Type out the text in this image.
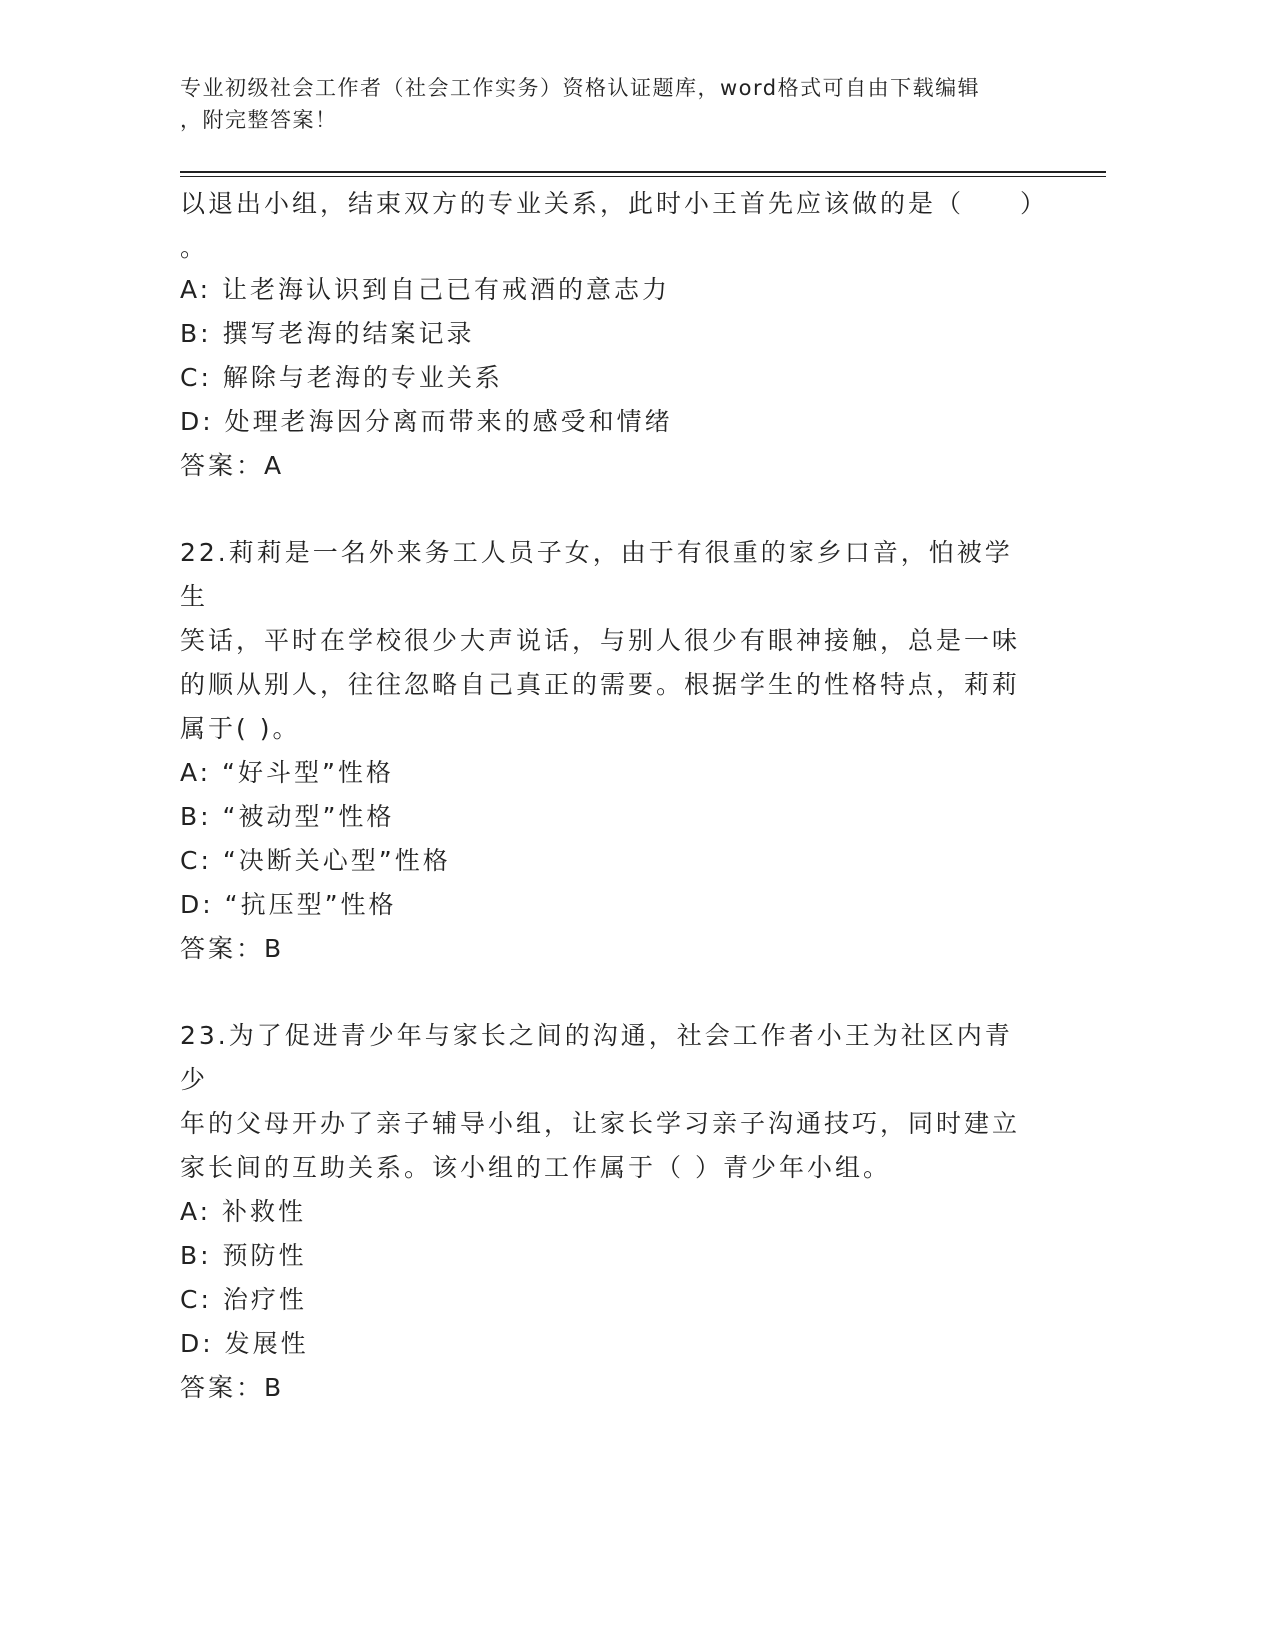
专业初级社会工作者（社会工作实务）资格认证题库，word格式可自由下载编辑
，附完整答案！
以退出小组，结束双方的专业关系，此时小王首先应该做的是（　　）
。
A: 让老海认识到自己已有戒酒的意志力
B: 撰写老海的结案记录
C: 解除与老海的专业关系
D: 处理老海因分离而带来的感受和情绪
答案：A
22.莉莉是一名外来务工人员子女，由于有很重的家乡口音，怕被学生
笑话，平时在学校很少大声说话，与别人很少有眼神接触，总是一味
的顺从别人，往往忽略自己真正的需要。根据学生的性格特点，莉莉
属于( )。
A: “好斗型”性格
B: “被动型”性格
C: “决断关心型”性格
D: “抗压型”性格
答案：B
23.为了促进青少年与家长之间的沟通，社会工作者小王为社区内青少
年的父母开办了亲子辅导小组，让家长学习亲子沟通技巧，同时建立
家长间的互助关系。该小组的工作属于（ ）青少年小组。
A: 补救性
B: 预防性
C: 治疗性
D: 发展性
答案：B
